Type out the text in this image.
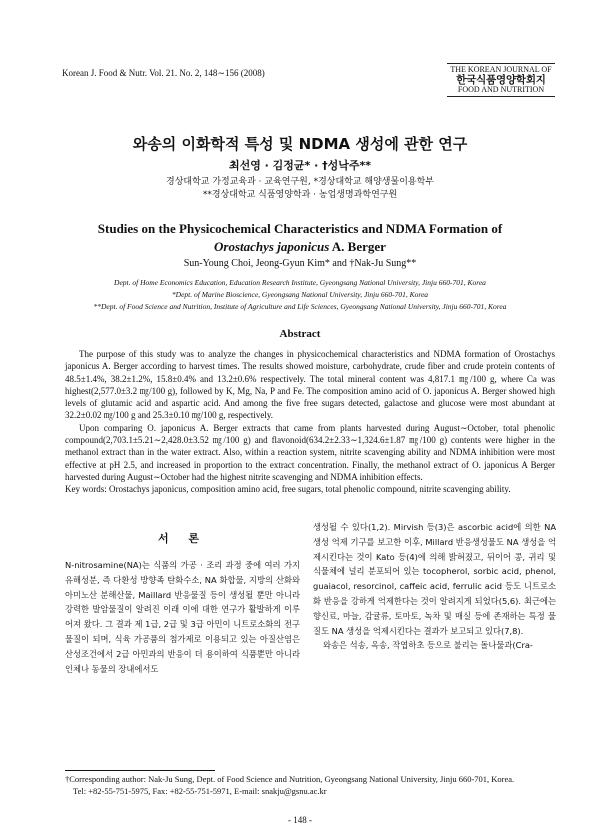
Korean J. Food & Nutr. Vol. 21. No. 2, 148∼156 (2008)	THE KOREAN JOURNAL OF
한국식품영양학회지
FOOD AND NUTRITION
와송의 이화학적 특성 및 NDMA 생성에 관한 연구
최선영 · 김정균* · †성낙주**
경상대학교 가정교육과 · 교육연구원, *경상대학교 해양생물이용학부
**경상대학교 식품영양학과 · 농업생명과학연구원
Studies on the Physicochemical Characteristics and NDMA Formation of
Orostachys japonicus A. Berger
Sun-Young Choi, Jeong-Gyun Kim* and †Nak-Ju Sung**
Dept. of Home Economics Education, Education Research Institute, Gyeongsang National University, Jinju 660-701, Korea
*Dept. of Marine Bioscience, Gyeongsang National University, Jinju 660-701, Korea
**Dept. of Food Science and Nutrition, Institute of Agriculture and Life Sciences, Gyeongsang National University, Jinju 660-701, Korea
Abstract

The purpose of this study was to analyze the changes in physicochemical characteristics and NDMA formation of Orostachys japonicus A. Berger according to harvest times. The results showed moisture, carbohydrate, crude fiber and crude protein contents of 48.5±1.4%, 38.2±1.2%, 15.8±0.4% and 13.2±0.6% respectively. The total mineral content was 4,817.1 ㎎/100 g, where Ca was highest(2,577.0±3.2 ㎎/100 g), followed by K, Mg, Na, P and Fe. The composition amino acid of O. japonicus A. Berger showed high levels of glutamic acid and aspartic acid. And among the five free sugars detected, galactose and glucose were most abundant at 32.2±0.02 ㎎/100 g and 25.3±0.10 ㎎/100 g, respectively.

Upon comparing O. japonicus A. Berger extracts that came from plants harvested during August∼October, total phenolic compound(2,703.1±5.21∼2,428.0±3.52 ㎎/100 g) and flavonoid(634.2±2.33∼1,324.6±1.87 ㎎/100 g) contents were higher in the methanol extract than in the water extract. Also, within a reaction system, nitrite scavenging ability and NDMA inhibition were most effective at pH 2.5, and increased in proportion to the extract concentration. Finally, the methanol extract of O. japonicus A Berger harvested during August∼October had the highest nitrite scavenging and NDMA inhibition effects.

Key words: Orostachys japonicus, composition amino acid, free sugars, total phenolic compound, nitrite scavenging ability.

서 론
N-nitrosamine(NA)는 식품의 가공 · 조리 과정 중에 여러 가지 유해성분, 즉 다환성 방향족 탄화수소, NA 화합물, 지방의 산화와 아미노산 분해산물, Maillard 반응물질 등이 생성될 뿐만 아니라 강력한 발암물질이 알려진 이래 이에 대한 연구가 활발하게 이루어져 왔다. 그 결과 제 1급, 2급 및 3급 아민이 니트로소화의 전구물질이 되며, 식육 가공품의 첨가제로 이용되고 있는 아질산염은 산성조건에서 2급 아민과의 반응이 더 용이하여 식품뿐만 아니라 인체나 동물의 장내에서도
생성될 수 있다(1,2). Mirvish 등(3)은 ascorbic acid에 의한 NA 생성 억제 기구를 보고한 이후, Millard 반응생성물도 NA 생성을 억제시킨다는 것이 Kato 등(4)에 의해 밝혀졌고, 뒤이어 콩, 귀리 및 식물체에 널리 분포되어 있는 tocopherol, sorbic acid, phenol, guaiacol, resorcinol, caffeic acid, ferrulic acid 등도 니트로소화 반응을 강하게 억제한다는 것이 알려지게 되었다(5,6). 최근에는 향신료, 마늘, 감귤류, 토마토, 녹차 및 매실 등에 존재하는 특정 물질도 NA 생성을 억제시킨다는 결과가 보고되고 있다(7,8).
와송은 석송, 옥송, 작엽하초 등으로 불리는 돌나물과(Cra-
†Corresponding author: Nak-Ju Sung, Dept. of Food Science and Nutrition, Gyeongsang National University, Jinju 660-701, Korea.
Tel: +82-55-751-5975, Fax: +82-55-751-5971, E-mail: snakju@gsnu.ac.kr
- 148 -
